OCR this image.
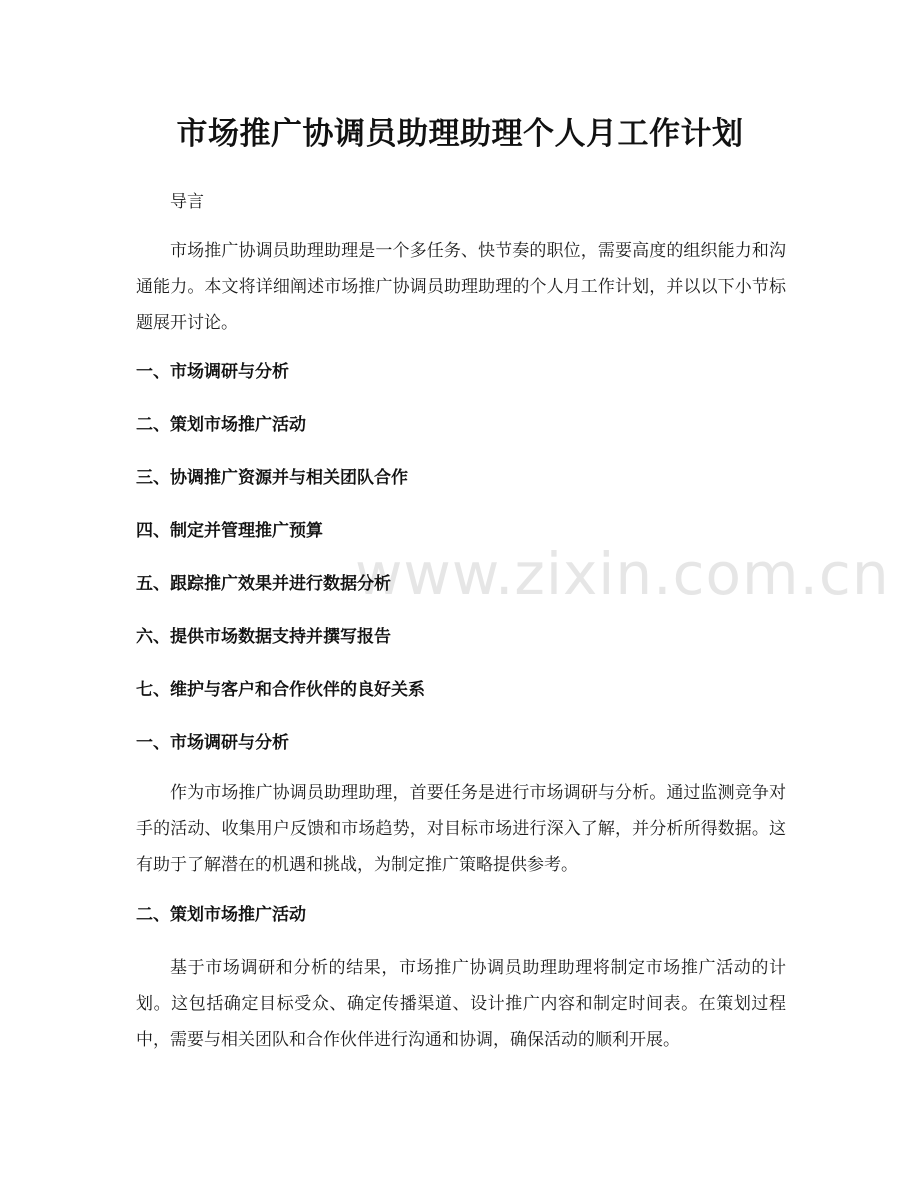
www.zixin.com.cn
市场推广协调员助理助理个人月工作计划
导言

市场推广协调员助理助理是一个多任务、快节奏的职位，需要高度的组织能力和沟通能力。本文将详细阐述市场推广协调员助理助理的个人月工作计划，并以以下小节标题展开讨论。

一、市场调研与分析
二、策划市场推广活动
三、协调推广资源并与相关团队合作
四、制定并管理推广预算
五、跟踪推广效果并进行数据分析
六、提供市场数据支持并撰写报告
七、维护与客户和合作伙伴的良好关系
一、市场调研与分析

作为市场推广协调员助理助理，首要任务是进行市场调研与分析。通过监测竞争对手的活动、收集用户反馈和市场趋势，对目标市场进行深入了解，并分析所得数据。这有助于了解潜在的机遇和挑战，为制定推广策略提供参考。

二、策划市场推广活动

基于市场调研和分析的结果，市场推广协调员助理助理将制定市场推广活动的计划。这包括确定目标受众、确定传播渠道、设计推广内容和制定时间表。在策划过程中，需要与相关团队和合作伙伴进行沟通和协调，确保活动的顺利开展。
